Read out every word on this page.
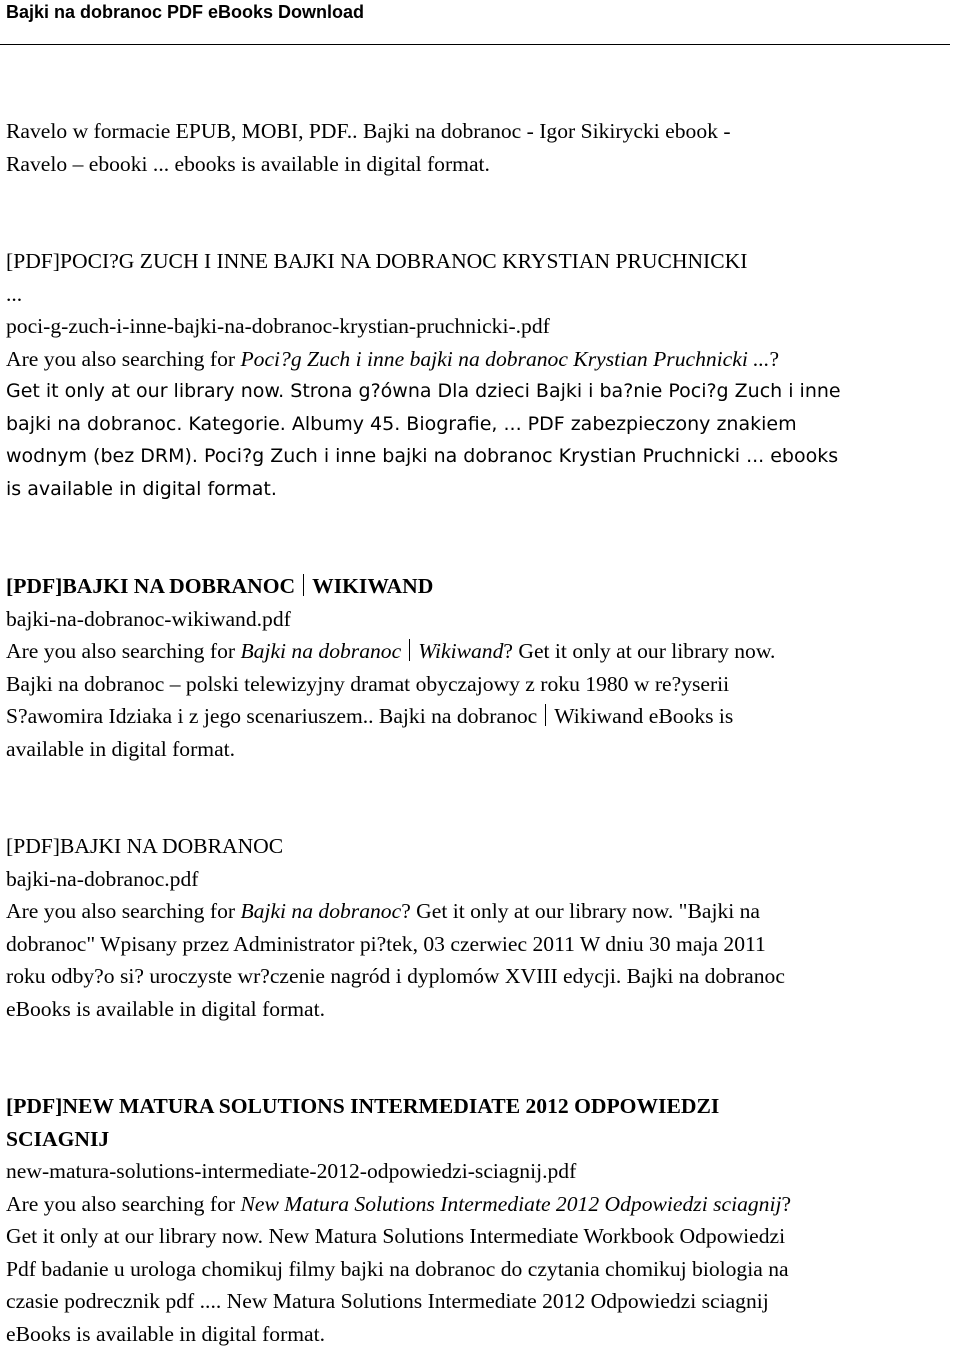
Bajki na dobranoc PDF eBooks Download

Ravelo w formacie EPUB, MOBI, PDF.. Bajki na dobranoc - Igor Sikirycki ebook -

Ravelo – ebooki ... ebooks is available in digital format.

[PDF]POCI?G ZUCH I INNE BAJKI NA DOBRANOC KRYSTIAN PRUCHNICKI

...

poci-g-zuch-i-inne-bajki-na-dobranoc-krystian-pruchnicki-.pdf

Are you also searching for Poci?g Zuch i inne bajki na dobranoc Krystian Pruchnicki ...?

Get it only at our library now. Strona g?ówna Dla dzieci Bajki i ba?nie Poci?g Zuch i inne

bajki na dobranoc. Kategorie. Albumy 45. Biografie, ... PDF zabezpieczony znakiem

wodnym (bez DRM). Poci?g Zuch i inne bajki na dobranoc Krystian Pruchnicki ... ebooks

is available in digital format.

[PDF]BAJKI NA DOBRANOC WIKIWAND

bajki-na-dobranoc-wikiwand.pdf

Are you also searching for Bajki na dobranoc Wikiwand? Get it only at our library now.

Bajki na dobranoc – polski telewizyjny dramat obyczajowy z roku 1980 w re?yserii

S?awomira Idziaka i z jego scenariuszem.. Bajki na dobranoc Wikiwand eBooks is

available in digital format.

[PDF]BAJKI NA DOBRANOC

bajki-na-dobranoc.pdf

Are you also searching for Bajki na dobranoc? Get it only at our library now. "Bajki na

dobranoc" Wpisany przez Administrator pi?tek, 03 czerwiec 2011 W dniu 30 maja 2011

roku odby?o si? uroczyste wr?czenie nagród i dyplomów XVIII edycji. Bajki na dobranoc

eBooks is available in digital format.

[PDF]NEW MATURA SOLUTIONS INTERMEDIATE 2012 ODPOWIEDZI

SCIAGNIJ

new-matura-solutions-intermediate-2012-odpowiedzi-sciagnij.pdf

Are you also searching for New Matura Solutions Intermediate 2012 Odpowiedzi sciagnij?

Get it only at our library now. New Matura Solutions Intermediate Workbook Odpowiedzi

Pdf badanie u urologa chomikuj filmy bajki na dobranoc do czytania chomikuj biologia na

czasie podrecznik pdf .... New Matura Solutions Intermediate 2012 Odpowiedzi sciagnij

eBooks is available in digital format.
